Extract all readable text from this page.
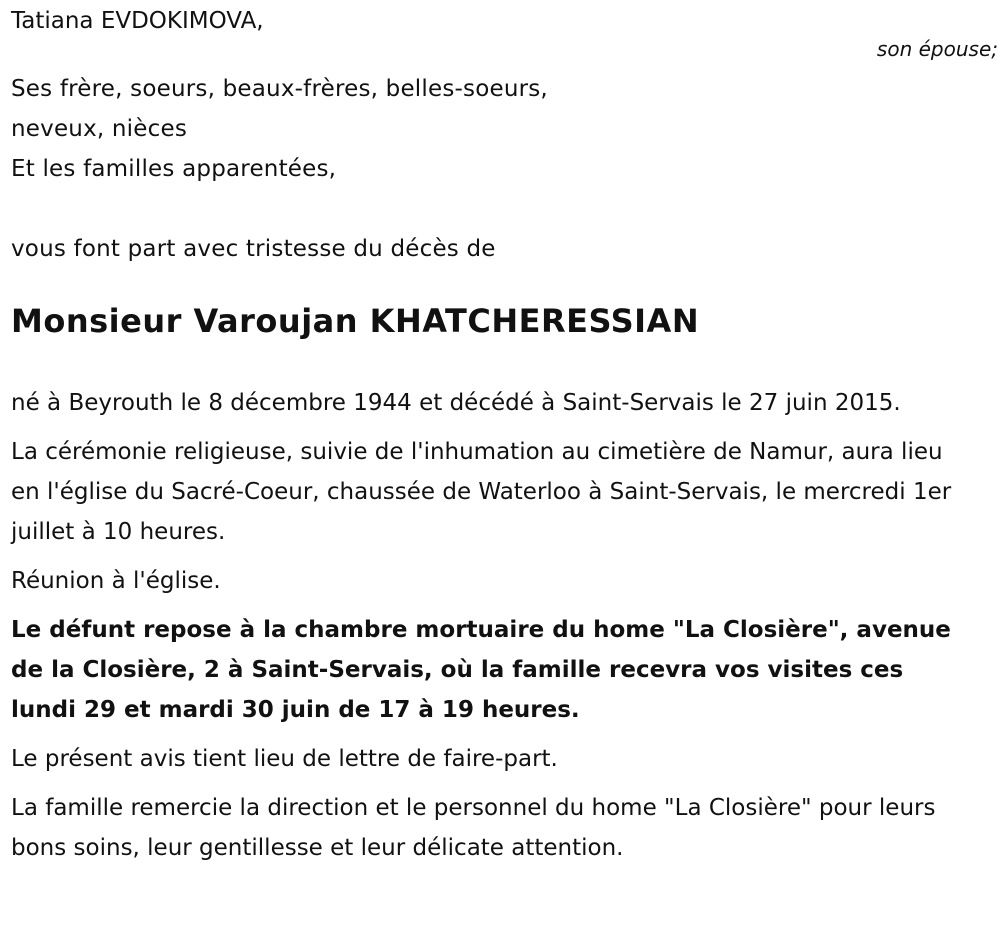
Tatiana EVDOKIMOVA,
son épouse;
Ses frère, soeurs, beaux-frères, belles-soeurs,
neveux, nièces
Et les familles apparentées,
vous font part avec tristesse du décès de
Monsieur Varoujan KHATCHERESSIAN

né à Beyrouth le 8 décembre 1944 et décédé à Saint-Servais le 27 juin 2015.

La cérémonie religieuse, suivie de l'inhumation au cimetière de Namur, aura lieu en l'église du Sacré-Coeur, chaussée de Waterloo à Saint-Servais, le mercredi 1er juillet à 10 heures.

Réunion à l'église.

Le défunt repose à la chambre mortuaire du home "La Closière", avenue de la Closière, 2 à Saint-Servais, où la famille recevra vos visites ces lundi 29 et mardi 30 juin de 17 à 19 heures.

Le présent avis tient lieu de lettre de faire-part.

La famille remercie la direction et le personnel du home "La Closière" pour leurs bons soins, leur gentillesse et leur délicate attention.
